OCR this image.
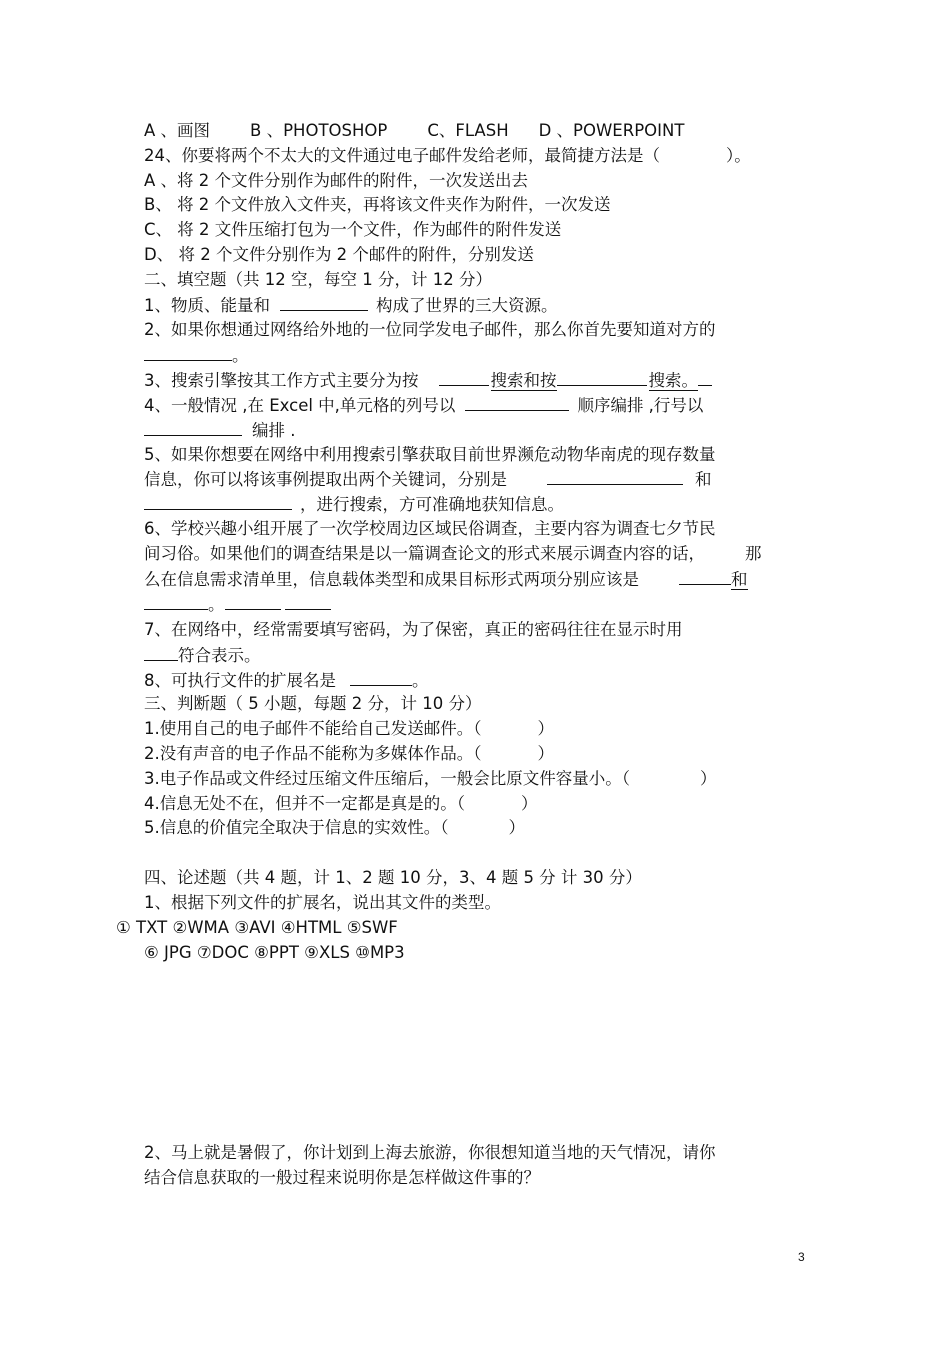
A 、画图 B 、PHOTOSHOP C、FLASH D 、POWERPOINT
24、你要将两个不太大的文件通过电子邮件发给老师，最简捷方法是（	）。
A 、将 2 个文件分别作为邮件的附件，一次发送出去
B、 将 2 个文件放入文件夹，再将该文件夹作为附件，一次发送
C、 将 2 文件压缩打包为一个文件，作为邮件的附件发送
D、 将 2 个文件分别作为 2 个邮件的附件，分别发送
二、填空题（共 12 空，每空 1 分，计 12 分）
1、物质、能量和	构成了世界的三大资源。
2、如果你想通过网络给外地的一位同学发电子邮件，那么你首先要知道对方的
。
3、搜索引擎按其工作方式主要分为按	搜索和按	搜索。
4、一般情况 ,在 Excel 中,单元格的列号以	顺序编排 ,行号以
编排 .
5、如果你想要在网络中利用搜索引擎获取目前世界濒危动物华南虎的现存数量
信息，你可以将该事例提取出两个关键词，分别是	和
，进行搜索，方可准确地获知信息。
6、学校兴趣小组开展了一次学校周边区域民俗调查，主要内容为调查七夕节民
间习俗。如果他们的调查结果是以一篇调查论文的形式来展示调查内容的话， 那
么在信息需求清单里，信息载体类型和成果目标形式两项分别应该是	和
。
7、在网络中，经常需要填写密码，为了保密，真正的密码往往在显示时用
符合表示。
8、可执行文件的扩展名是	。
三、判断题（ 5 小题，每题 2 分，计 10 分）
1.使用自己的电子邮件不能给自己发送邮件。（	）
2.没有声音的电子作品不能称为多媒体作品。（	）
3.电子作品或文件经过压缩文件压缩后，一般会比原文件容量小。（	）
4.信息无处不在，但并不一定都是真是的。（	）
5.信息的价值完全取决于信息的实效性。（	）
四、论述题（共 4 题，计 1、2 题 10 分，3、4 题 5 分 计 30 分）
1、根据下列文件的扩展名，说出其文件的类型。
① TXT ②WMA ③AVI ④HTML ⑤SWF
⑥ JPG ⑦DOC ⑧PPT ⑨XLS ⑩MP3
2、马上就是暑假了，你计划到上海去旅游，你很想知道当地的天气情况，请你
结合信息获取的一般过程来说明你是怎样做这件事的？
3
